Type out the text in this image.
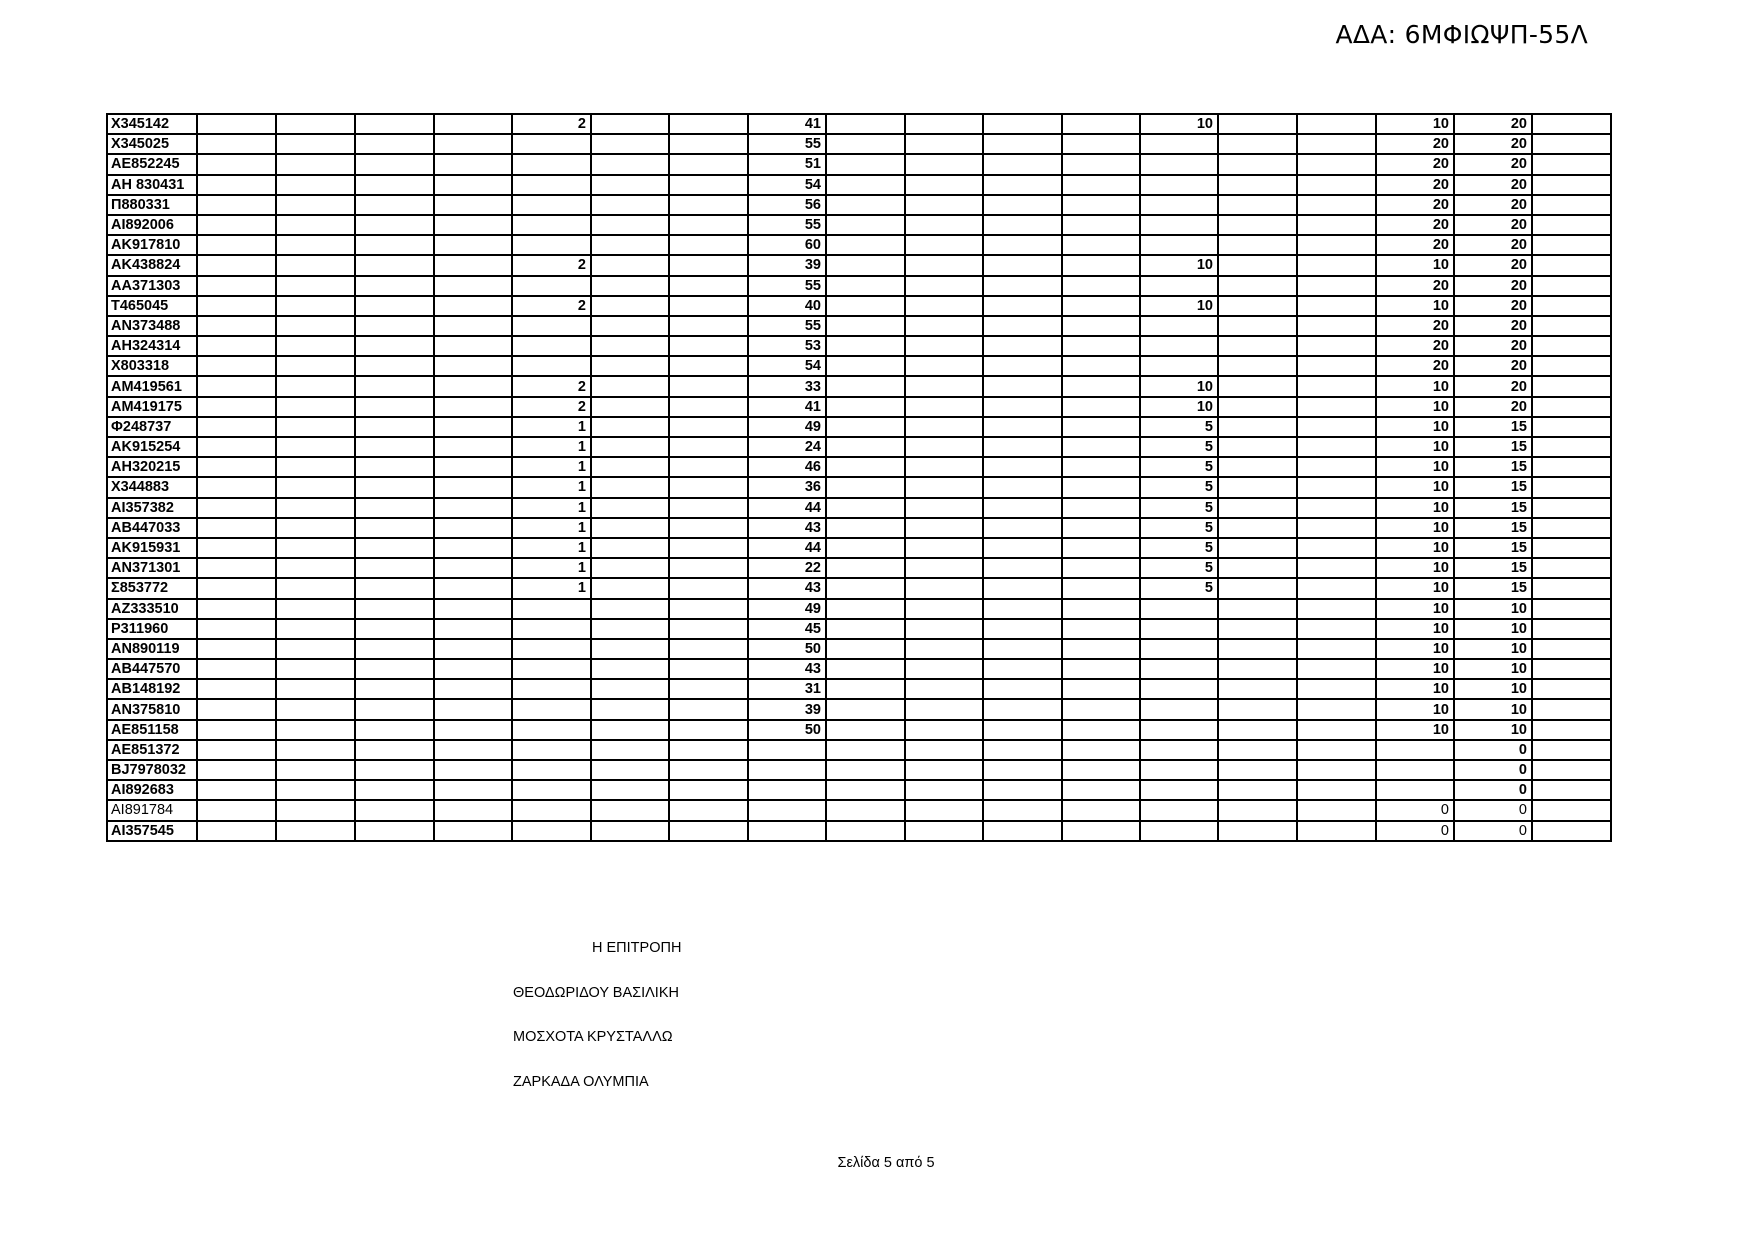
ΑΔΑ: 6ΜΦΙΩΨΠ-55Λ
X345142					2			41					10			10	20	
X345025								55								20	20	
AE852245								51								20	20	
AH 830431								54								20	20	
Π880331								56								20	20	
AI892006								55								20	20	
AK917810								60								20	20	
AK438824					2			39					10			10	20	
AA371303								55								20	20	
T465045					2			40					10			10	20	
AN373488								55								20	20	
AH324314								53								20	20	
X803318								54								20	20	
AM419561					2			33					10			10	20	
AM419175					2			41					10			10	20	
Φ248737					1			49					5			10	15	
AK915254					1			24					5			10	15	
AH320215					1			46					5			10	15	
X344883					1			36					5			10	15	
AI357382					1			44					5			10	15	
AB447033					1			43					5			10	15	
AK915931					1			44					5			10	15	
AN371301					1			22					5			10	15	
Σ853772					1			43					5			10	15	
AZ333510								49								10	10	
P311960								45								10	10	
AN890119								50								10	10	
AB447570								43								10	10	
AB148192								31								10	10	
AN375810								39								10	10	
AE851158								50								10	10	
AE851372																	0	
BJ7978032																	0	
AI892683																	0	
AI891784																0	0	
AI357545																0	0	
Η ΕΠΙΤΡΟΠΗ
ΘΕΟΔΩΡΙΔΟΥ ΒΑΣΙΛΙΚΗ
ΜΟΣΧΟΤΑ ΚΡΥΣΤΑΛΛΩ
ΖΑΡΚΑΔΑ ΟΛΥΜΠΙΑ
Σελίδα 5 από 5
